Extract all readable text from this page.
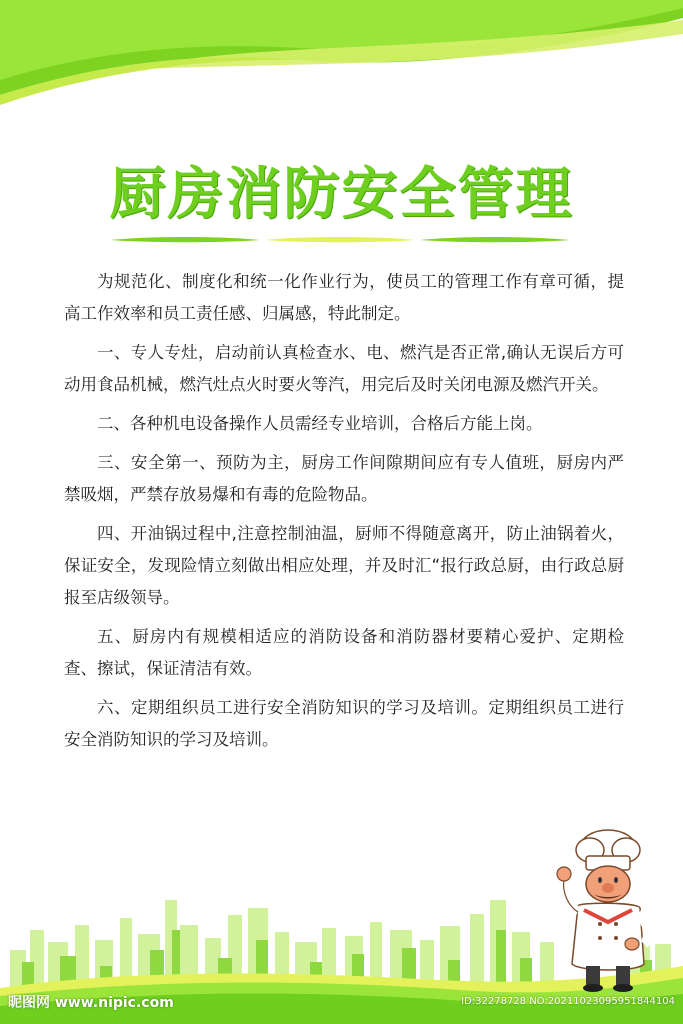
厨房消防安全管理

为规范化、制度化和统一化作业行为，使员工的管理工作有章可循，提高工作效率和员工责任感、归属感，特此制定。

一、专人专灶，启动前认真检查水、电、燃汽是否正常,确认无误后方可动用食品机械，燃汽灶点火时要火等汽，用完后及时关闭电源及燃汽开关。

二、各种机电设备操作人员需经专业培训，合格后方能上岗。

三、安全第一、预防为主，厨房工作间隙期间应有专人值班，厨房内严禁吸烟，严禁存放易爆和有毒的危险物品。

四、开油锅过程中,注意控制油温，厨师不得随意离开，防止油锅着火，保证安全，发现险情立刻做出相应处理，并及时汇“报行政总厨，由行政总厨报至店级领导。

五、厨房内有规模相适应的消防设备和消防器材要精心爱护、定期检查、擦试，保证清洁有效。

六、定期组织员工进行安全消防知识的学习及培训。定期组织员工进行安全消防知识的学习及培训。

昵图网 www.nipic.com	ID:32278728 NO:20211023095951844104
